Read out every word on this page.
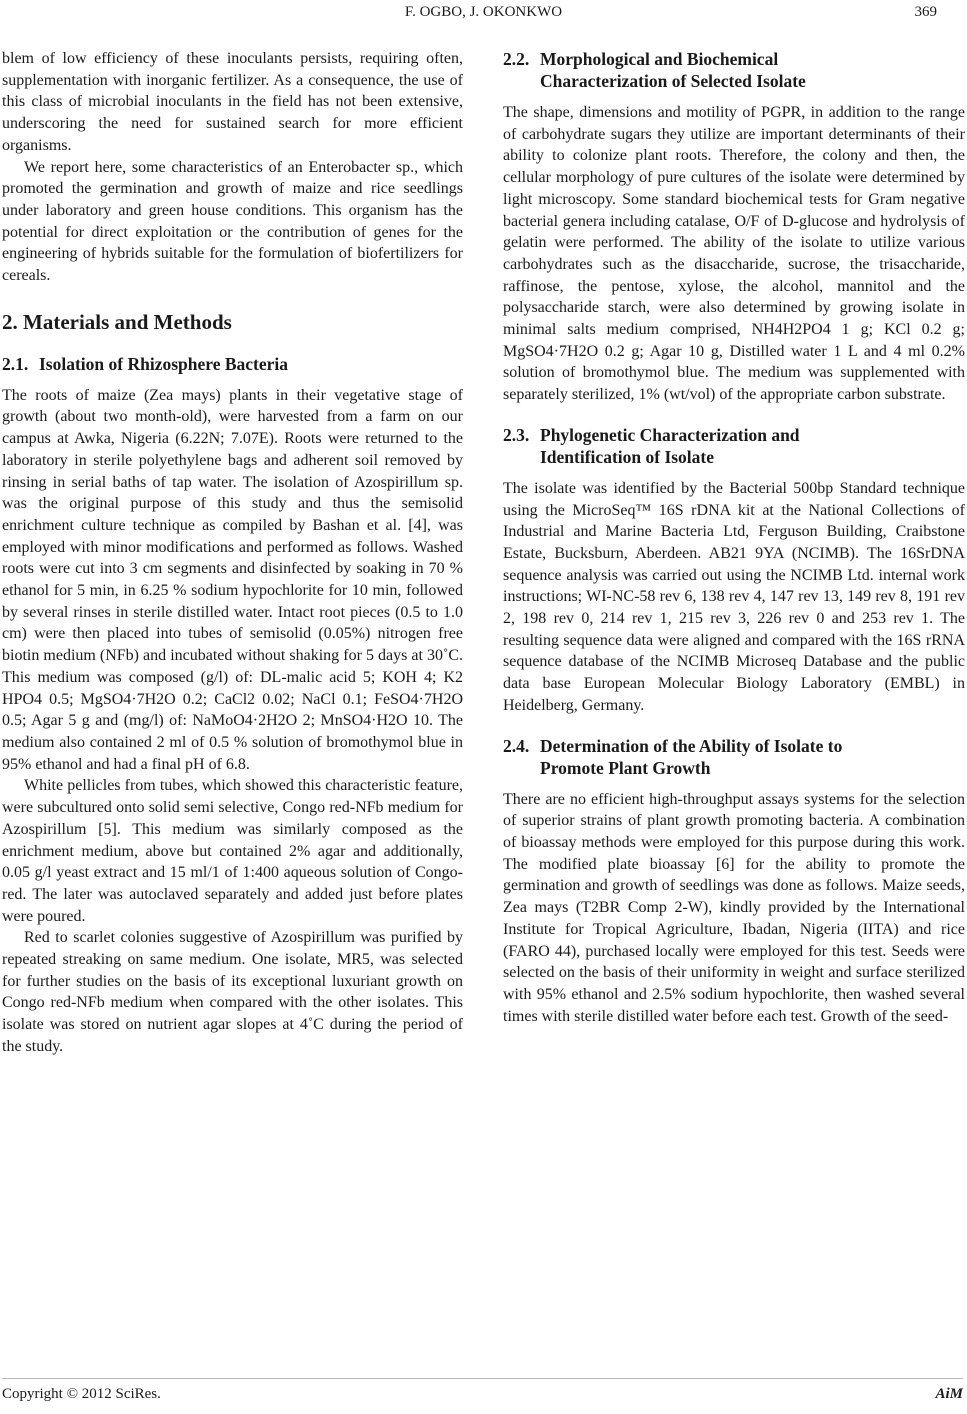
F. OGBO, J. OKONKWO	369

blem of low efficiency of these inoculants persists, requiring often, supplementation with inorganic fertilizer. As a consequence, the use of this class of microbial inoculants in the field has not been extensive, underscoring the need for sustained search for more efficient organisms.

We report here, some characteristics of an Enterobacter sp., which promoted the germination and growth of maize and rice seedlings under laboratory and green house conditions. This organism has the potential for direct exploitation or the contribution of genes for the engineering of hybrids suitable for the formulation of biofertilizers for cereals.

2. Materials and Methods
2.1. Isolation of Rhizosphere Bacteria

The roots of maize (Zea mays) plants in their vegetative stage of growth (about two month-old), were harvested from a farm on our campus at Awka, Nigeria (6.22N; 7.07E). Roots were returned to the laboratory in sterile polyethylene bags and adherent soil removed by rinsing in serial baths of tap water. The isolation of Azospirillum sp. was the original purpose of this study and thus the semisolid enrichment culture technique as compiled by Bashan et al. [4], was employed with minor modifications and performed as follows. Washed roots were cut into 3 cm segments and disinfected by soaking in 70 % ethanol for 5 min, in 6.25 % sodium hypochlorite for 10 min, followed by several rinses in sterile distilled water. Intact root pieces (0.5 to 1.0 cm) were then placed into tubes of semisolid (0.05%) nitrogen free biotin medium (NFb) and incubated without shaking for 5 days at 30˚C. This medium was composed (g/l) of: DL-malic acid 5; KOH 4; K2 HPO4 0.5; MgSO4·7H2O 0.2; CaCl2 0.02; NaCl 0.1; FeSO4·7H2O 0.5; Agar 5 g and (mg/l) of: NaMoO4·2H2O 2; MnSO4·H2O 10. The medium also contained 2 ml of 0.5 % solution of bromothymol blue in 95% ethanol and had a final pH of 6.8.

White pellicles from tubes, which showed this characteristic feature, were subcultured onto solid semi selective, Congo red-NFb medium for Azospirillum [5]. This medium was similarly composed as the enrichment medium, above but contained 2% agar and additionally, 0.05 g/l yeast extract and 15 ml/1 of 1:400 aqueous solution of Congo-red. The later was autoclaved separately and added just before plates were poured.

Red to scarlet colonies suggestive of Azospirillum was purified by repeated streaking on same medium. One isolate, MR5, was selected for further studies on the basis of its exceptional luxuriant growth on Congo red-NFb medium when compared with the other isolates. This isolate was stored on nutrient agar slopes at 4˚C during the period of the study.

2.2. Morphological and Biochemical
Characterization of Selected Isolate

The shape, dimensions and motility of PGPR, in addition to the range of carbohydrate sugars they utilize are important determinants of their ability to colonize plant roots. Therefore, the colony and then, the cellular morphology of pure cultures of the isolate were determined by light microscopy. Some standard biochemical tests for Gram negative bacterial genera including catalase, O/F of D-glucose and hydrolysis of gelatin were performed. The ability of the isolate to utilize various carbohydrates such as the disaccharide, sucrose, the trisaccharide, raffinose, the pentose, xylose, the alcohol, mannitol and the polysaccharide starch, were also determined by growing isolate in minimal salts medium comprised, NH4H2PO4 1 g; KCl 0.2 g; MgSO4·7H2O 0.2 g; Agar 10 g, Distilled water 1 L and 4 ml 0.2% solution of bromothymol blue. The medium was supplemented with separately sterilized, 1% (wt/vol) of the appropriate carbon substrate.

2.3. Phylogenetic Characterization and
Identification of Isolate

The isolate was identified by the Bacterial 500bp Standard technique using the MicroSeq™ 16S rDNA kit at the National Collections of Industrial and Marine Bacteria Ltd, Ferguson Building, Craibstone Estate, Bucksburn, Aberdeen. AB21 9YA (NCIMB). The 16SrDNA sequence analysis was carried out using the NCIMB Ltd. internal work instructions; WI-NC-58 rev 6, 138 rev 4, 147 rev 13, 149 rev 8, 191 rev 2, 198 rev 0, 214 rev 1, 215 rev 3, 226 rev 0 and 253 rev 1. The resulting sequence data were aligned and compared with the 16S rRNA sequence database of the NCIMB Microseq Database and the public data base European Molecular Biology Laboratory (EMBL) in Heidelberg, Germany.

2.4. Determination of the Ability of Isolate to
Promote Plant Growth

There are no efficient high-throughput assays systems for the selection of superior strains of plant growth promoting bacteria. A combination of bioassay methods were employed for this purpose during this work. The modified plate bioassay [6] for the ability to promote the germination and growth of seedlings was done as follows. Maize seeds, Zea mays (T2BR Comp 2-W), kindly provided by the International Institute for Tropical Agriculture, Ibadan, Nigeria (IITA) and rice (FARO 44), purchased locally were employed for this test. Seeds were selected on the basis of their uniformity in weight and surface sterilized with 95% ethanol and 2.5% sodium hypochlorite, then washed several times with sterile distilled water before each test. Growth of the seed-

Copyright © 2012 SciRes.	AiM
